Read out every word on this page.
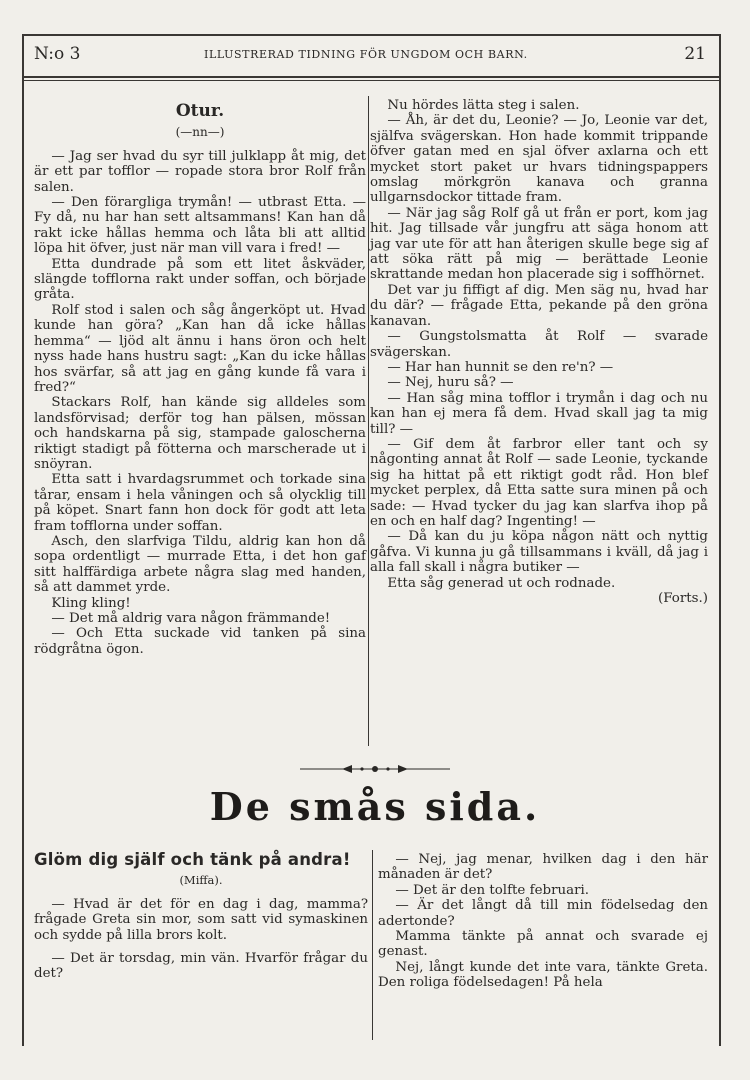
N:o 3	ILLUSTRERAD TIDNING FÖR UNGDOM OCH BARN.	21

Otur.

(—nn—)

— Jag ser hvad du syr till julklapp åt mig, det är ett par tofflor — ropade stora bror Rolf från salen.

— Den förargliga trymån! — utbrast Etta. — Fy då, nu har han sett altsammans! Kan han då rakt icke hållas hemma och låta bli att alltid löpa hit öfver, just när man vill vara i fred! —

Etta dundrade på som ett litet åskväder, slängde tofflorna rakt under soffan, och började gråta.

Rolf stod i salen och såg ångerköpt ut. Hvad kunde han göra? „Kan han då icke hållas hemma“ — ljöd alt ännu i hans öron och helt nyss hade hans hustru sagt: „Kan du icke hållas hos svärfar, så att jag en gång kunde få vara i fred?“

Stackars Rolf, han kände sig alldeles som landsförvisad; derför tog han pälsen, mössan och handskarna på sig, stampade galoscherna riktigt stadigt på fötterna och marscherade ut i snöyran.

Etta satt i hvardagsrummet och torkade sina tårar, ensam i hela våningen och så olycklig till på köpet. Snart fann hon dock för godt att leta fram tofflorna under soffan.

Asch, den slarfviga Tildu, aldrig kan hon då sopa ordentligt — murrade Etta, i det hon gaf sitt halffärdiga arbete några slag med handen, så att dammet yrde.

Kling kling!

— Det må aldrig vara någon främmande!

— Och Etta suckade vid tanken på sina rödgråtna ögon.

Nu hördes lätta steg i salen.

— Åh, är det du, Leonie? — Jo, Leonie var det, själfva svägerskan. Hon hade kommit trippande öfver gatan med en sjal öfver axlarna och ett mycket stort paket ur hvars tidningspappers omslag mörkgrön kanava och granna ullgarnsdockor tittade fram.

— När jag såg Rolf gå ut från er port, kom jag hit. Jag tillsade vår jungfru att säga honom att jag var ute för att han återigen skulle bege sig af att söka rätt på mig — berättade Leonie skrattande medan hon placerade sig i soffhörnet.

Det var ju fiffigt af dig. Men säg nu, hvad har du där? — frågade Etta, pekande på den gröna kanavan.

— Gungstolsmatta åt Rolf — svarade svägerskan.

— Har han hunnit se den re'n? —

— Nej, huru så? —

— Han såg mina tofflor i trymån i dag och nu kan han ej mera få dem. Hvad skall jag ta mig till? —

— Gif dem åt farbror eller tant och sy någonting annat åt Rolf — sade Leonie, tyckande sig ha hittat på ett riktigt godt råd. Hon blef mycket perplex, då Etta satte sura minen på och sade: — Hvad tycker du jag kan slarfva ihop på en och en half dag? Ingenting! —

— Då kan du ju köpa någon nätt och nyttig gåfva. Vi kunna ju gå tillsammans i kväll, då jag i alla fall skall i några butiker —

Etta såg generad ut och rodnade.

(Forts.)

De smås sida.

Glöm dig själf och tänk på andra!

(Miffa).

— Hvad är det för en dag i dag, mamma? frågade Greta sin mor, som satt vid symaskinen och sydde på lilla brors kolt.

— Det är torsdag, min vän. Hvarför frågar du det?

— Nej, jag menar, hvilken dag i den här månaden är det?

— Det är den tolfte februari.

— Är det långt då till min födelsedag den adertonde?

Mamma tänkte på annat och svarade ej genast.

Nej, långt kunde det inte vara, tänkte Greta. Den roliga födelsedagen! På hela
